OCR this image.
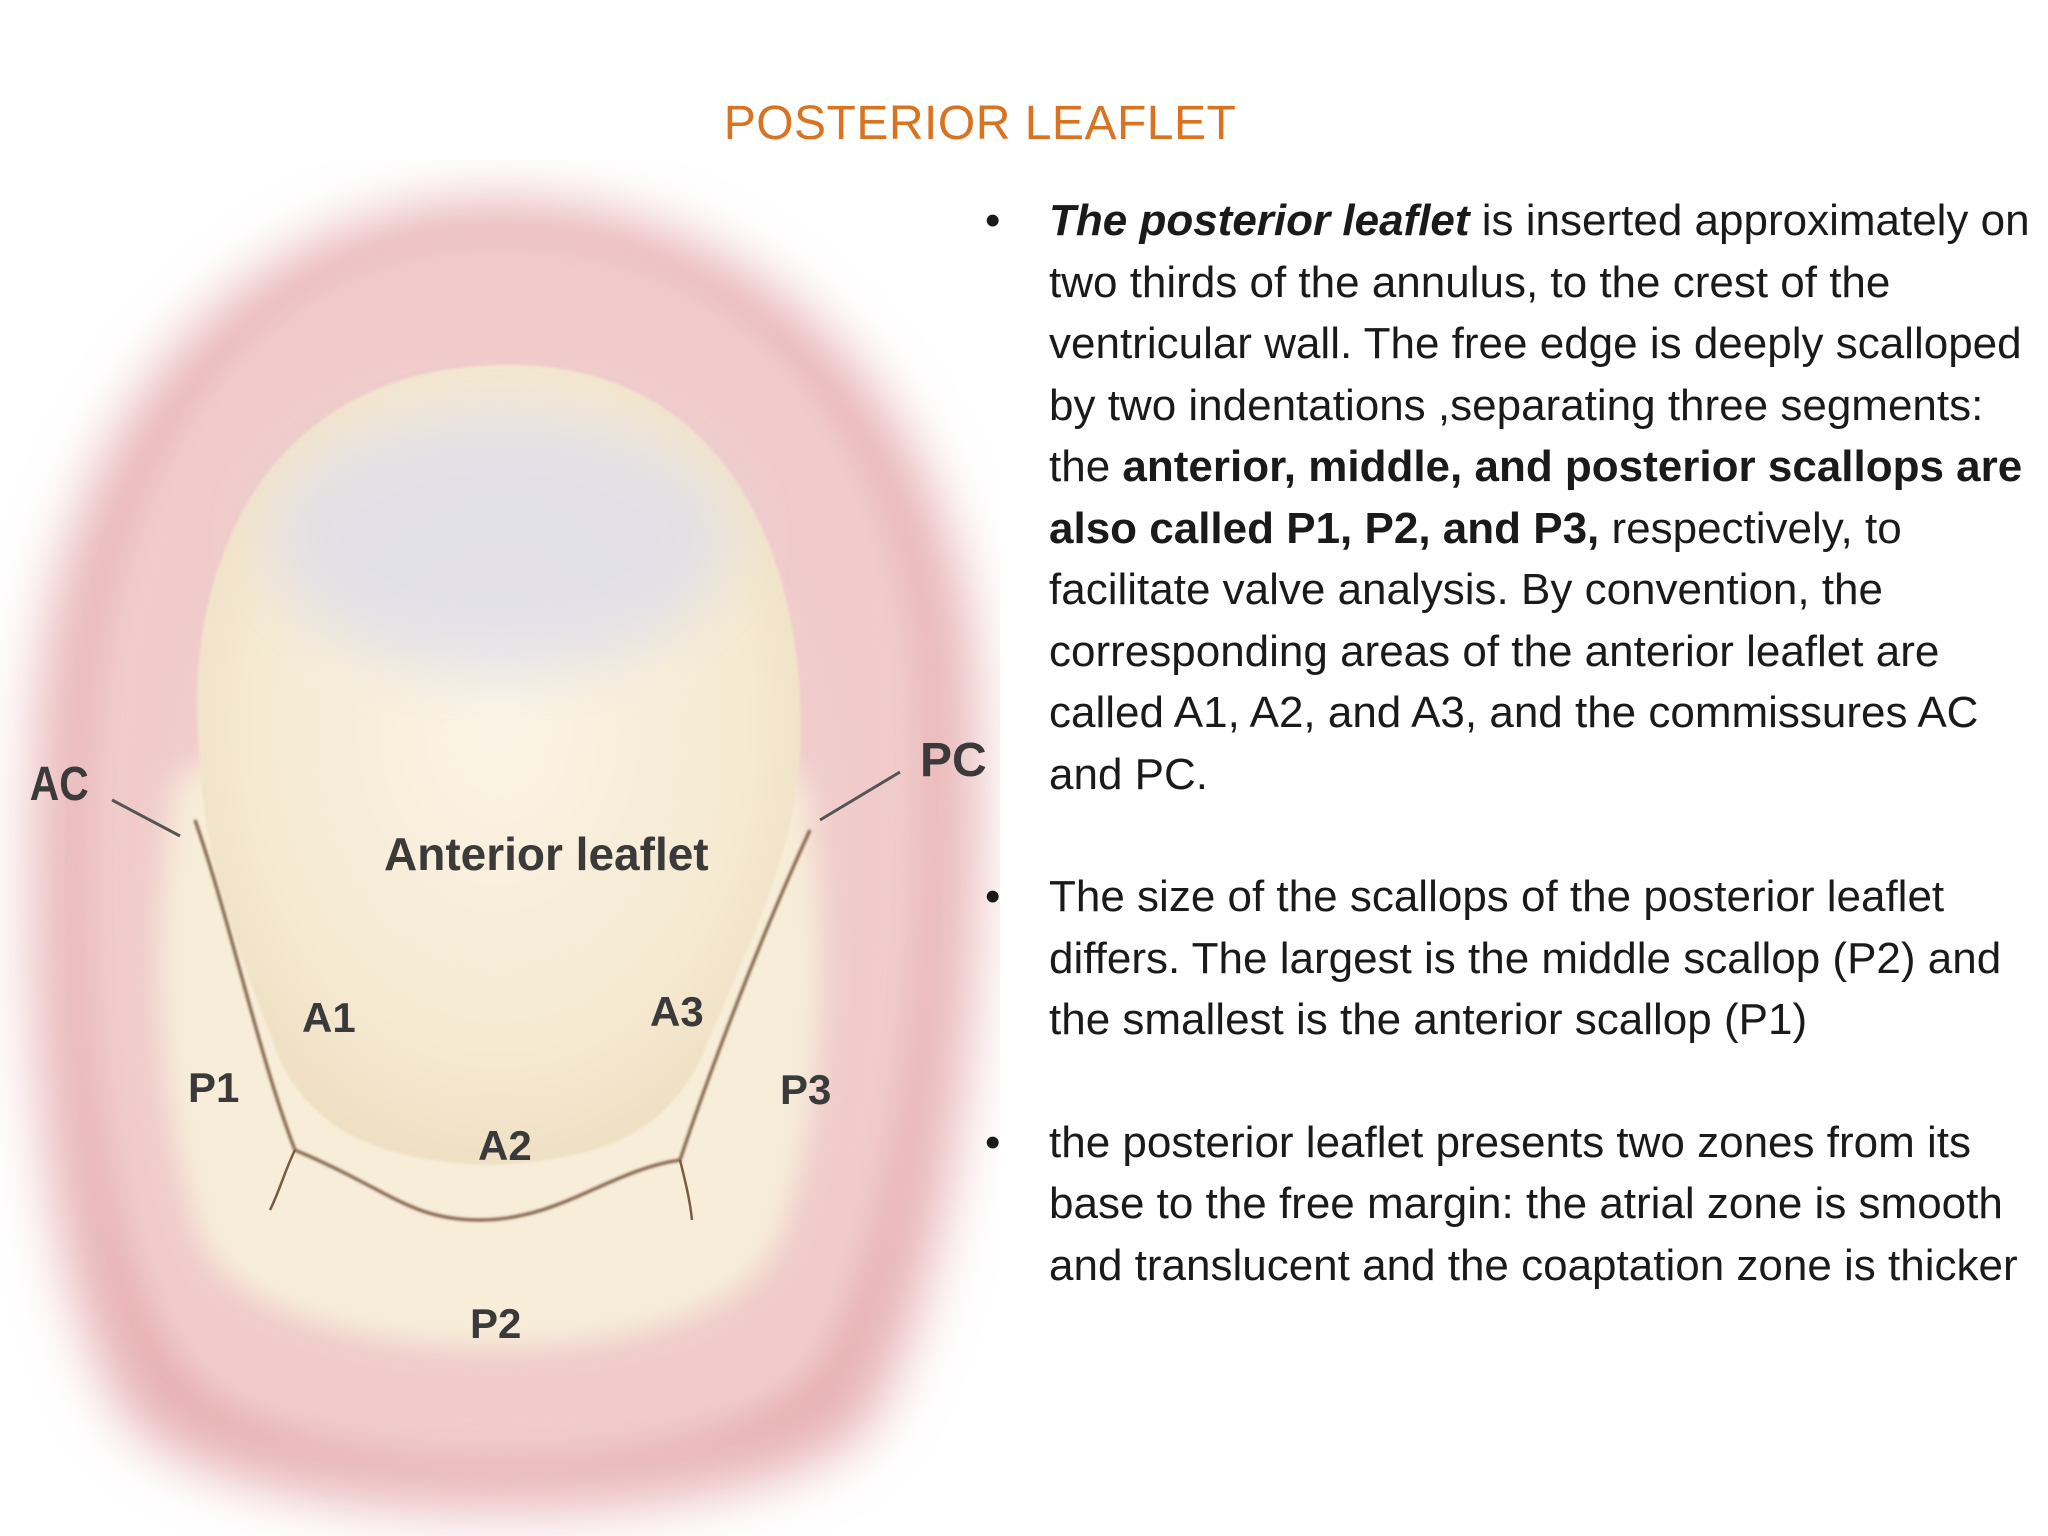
POSTERIOR LEAFLET
AC	PC
Anterior leaflet
A1
A2
A3
P1
P2
P3
•	The posterior leaflet is inserted approximately on two thirds of the annulus, to the crest of the ventricular wall. The free edge is deeply scalloped by two indentations ,separating three segments: the anterior, middle, and posterior scallops are also called P1, P2, and P3, respectively, to facilitate valve analysis. By convention, the corresponding areas of the anterior leaflet are called A1, A2, and A3, and the commissures AC and PC.
•	The size of the scallops of the posterior leaflet differs. The largest is the middle scallop (P2) and the smallest is the anterior scallop (P1)
•	the posterior leaflet presents two zones from its base to the free margin: the atrial zone is smooth and translucent and the coaptation zone is thicker
